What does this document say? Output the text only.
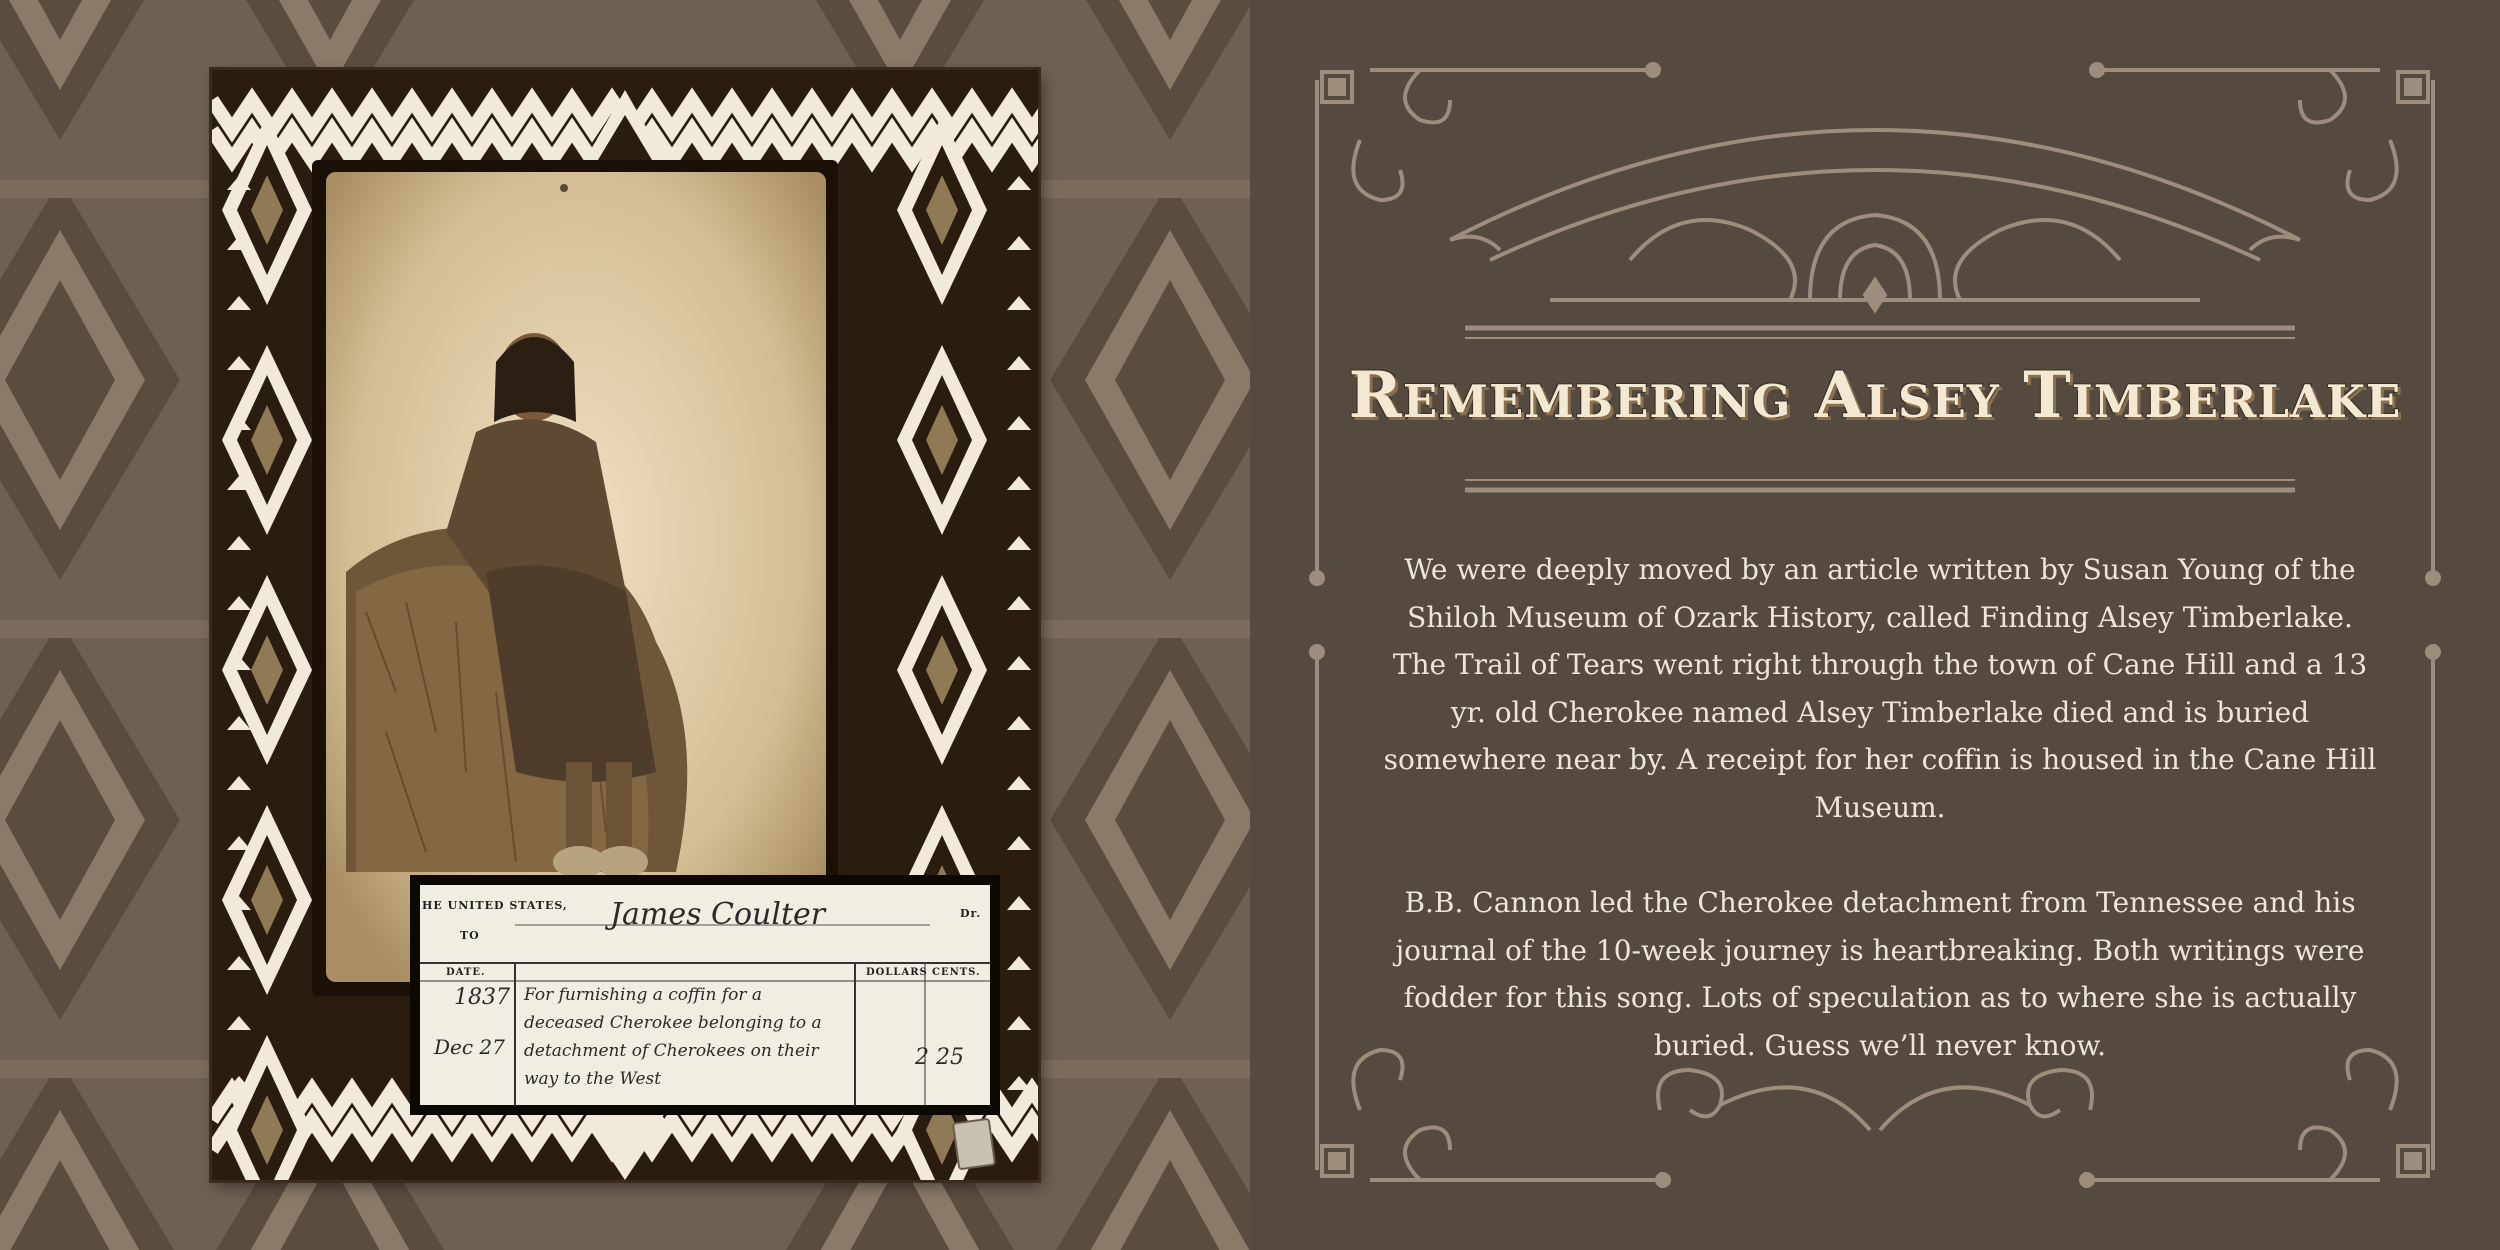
HE UNITED STATES,
TO
James Coulter	Dr.
DATE.	DOLLARS CENTS.
1837
Dec 27
For furnishing a coffin for a
deceased Cherokee belonging to a
detachment of Cherokees on their
way to the West
2 25
Remembering Alsey Timberlake

We were deeply moved by an article written by Susan Young of the Shiloh Museum of Ozark History, called Finding Alsey Timberlake. The Trail of Tears went right through the town of Cane Hill and a 13 yr. old Cherokee named Alsey Timberlake died and is buried somewhere near by. A receipt for her coffin is housed in the Cane Hill Museum.

B.B. Cannon led the Cherokee detachment from Tennessee and his journal of the 10-week journey is heartbreaking. Both writings were fodder for this song. Lots of speculation as to where she is actually buried. Guess we’ll never know.
